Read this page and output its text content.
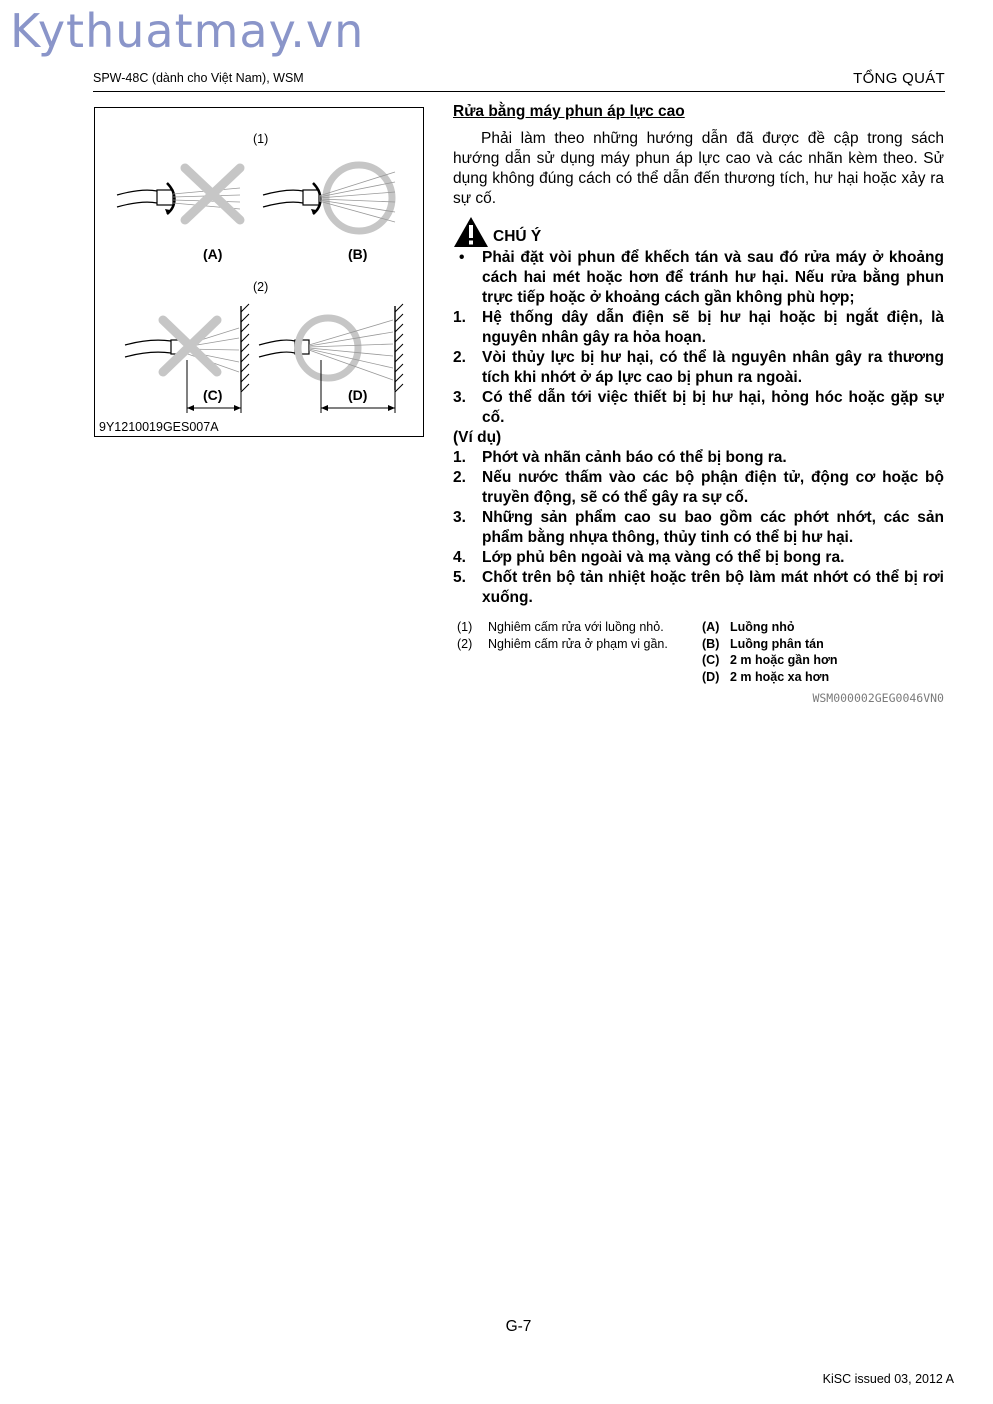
Kythuatmay.vn
SPW-48C (dành cho Việt Nam), WSM	TỔNG QUÁT
(1)
(A)	(B)
(2)
(C)	(D)
9Y1210019GES007A
Rửa bằng máy phun áp lực cao
Phải làm theo những hướng dẫn đã được đề cập trong sách hướng dẫn sử dụng máy phun áp lực cao và các nhãn kèm theo. Sử dụng không đúng cách có thể dẫn đến thương tích, hư hại hoặc xảy ra sự cố.
CHÚ Ý
• Phải đặt vòi phun để khếch tán và sau đó rửa máy ở khoảng cách hai mét hoặc hơn để tránh hư hại. Nếu rửa bằng phun trực tiếp hoặc ở khoảng cách gần không phù hợp;
1. Hệ thống dây dẫn điện sẽ bị hư hại hoặc bị ngắt điện, là nguyên nhân gây ra hỏa hoạn.
2. Vòi thủy lực bị hư hại, có thể là nguyên nhân gây ra thương tích khi nhớt ở áp lực cao bị phun ra ngoài.
3. Có thể dẫn tới việc thiết bị bị hư hại, hỏng hóc hoặc gặp sự cố.
(Ví dụ)
1. Phớt và nhãn cảnh báo có thể bị bong ra.
2. Nếu nước thấm vào các bộ phận điện tử, động cơ hoặc bộ truyền động, sẽ có thể gây ra sự cố.
3. Những sản phẩm cao su bao gồm các phớt nhớt, các sản phẩm bằng nhựa thông, thủy tinh có thể bị hư hại.
4. Lớp phủ bên ngoài và mạ vàng có thể bị bong ra.
5. Chốt trên bộ tản nhiệt hoặc trên bộ làm mát nhớt có thể bị rơi xuống.
(1) Nghiêm cấm rửa với luồng nhỏ.
(2) Nghiêm cấm rửa ở phạm vi gần.
(A) Luồng nhỏ
(B) Luồng phân tán
(C) 2 m hoặc gần hơn
(D) 2 m hoặc xa hơn
WSM000002GEG0046VN0
G-7
KiSC issued 03, 2012 A
